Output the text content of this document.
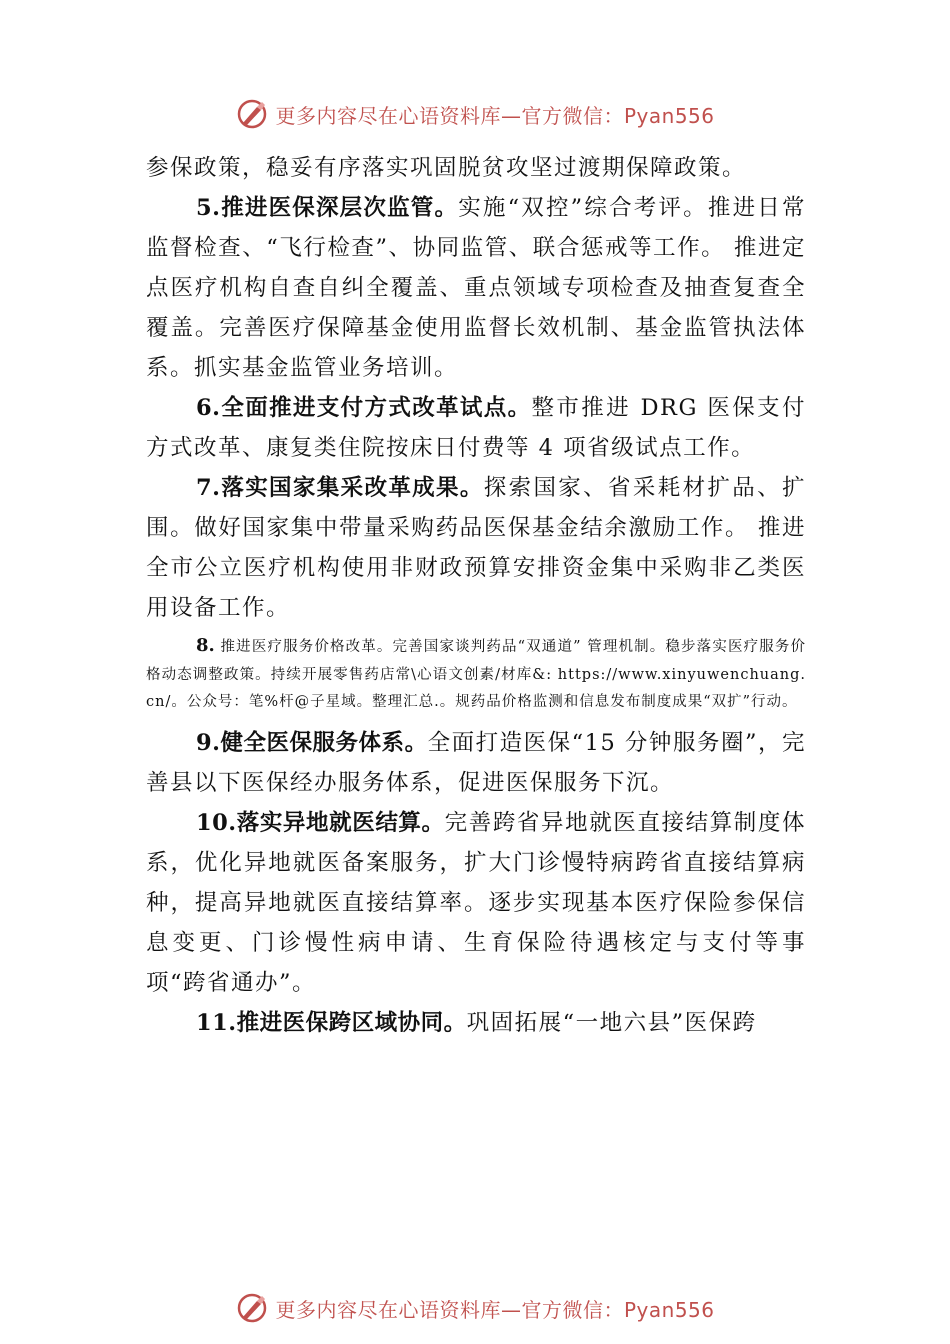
更多内容尽在心语资料库—官方微信：Pyan556

参保政策，稳妥有序落实巩固脱贫攻坚过渡期保障政策。

5.推进医保深层次监管。实施“双控”综合考评。推进日常监督检查、“飞行检查”、协同监管、联合惩戒等工作。 推进定点医疗机构自查自纠全覆盖、重点领域专项检查及抽查复查全覆盖。完善医疗保障基金使用监督长效机制、基金监管执法体系。抓实基金监管业务培训。

6.全面推进支付方式改革试点。整市推进 DRG 医保支付方式改革、康复类住院按床日付费等 4 项省级试点工作。

7.落实国家集采改革成果。探索国家、省采耗材扩品、扩围。做好国家集中带量采购药品医保基金结余激励工作。 推进全市公立医疗机构使用非财政预算安排资金集中采购非乙类医用设备工作。

8. 推进医疗服务价格改革。完善国家谈判药品“双通道” 管理机制。稳步落实医疗服务价格动态调整政策。持续开展零售药店常\心语文创素/材库&: https://www.xinyuwenchuang.cn/。公众号：笔%杆@子星域。整理汇总.。规药品价格监测和信息发布制度成果“双扩”行动。

9.健全医保服务体系。全面打造医保“15 分钟服务圈”，完善县以下医保经办服务体系，促进医保服务下沉。

10.落实异地就医结算。完善跨省异地就医直接结算制度体系，优化异地就医备案服务，扩大门诊慢特病跨省直接结算病种，提高异地就医直接结算率。逐步实现基本医疗保险参保信息变更、门诊慢性病申请、生育保险待遇核定与支付等事项“跨省通办”。

11.推进医保跨区域协同。巩固拓展“一地六县”医保跨

更多内容尽在心语资料库—官方微信：Pyan556
